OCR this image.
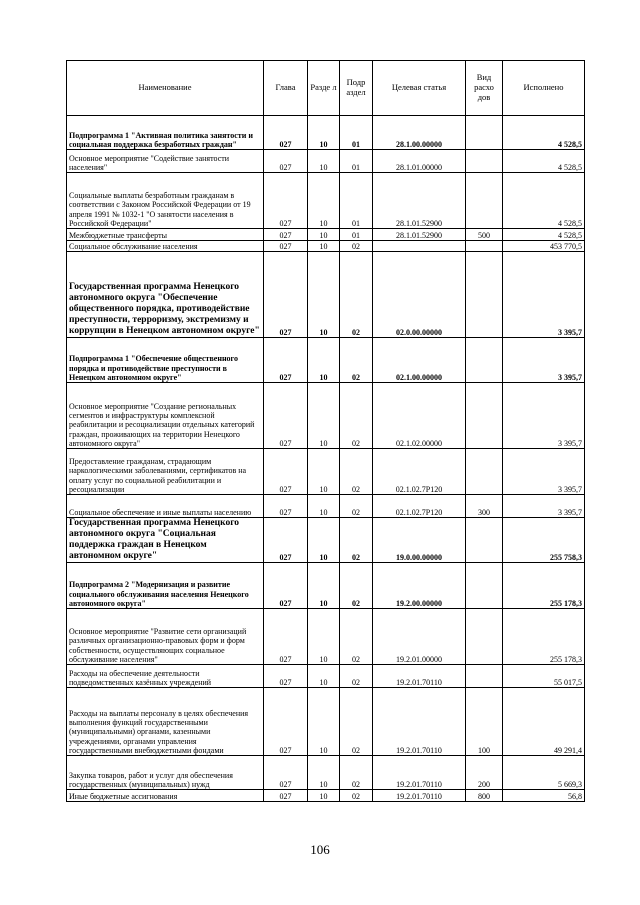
Наименование	Глава	Разде л	Подр аздел	Целевая статья	Вид расхо дов	Исполнено
Подпрограмма 1 "Активная политика занятости и социальная поддержка безработных граждан"	027	10	01	28.1.00.00000		4 528,5
Основное мероприятие "Содействие занятости населения"	027	10	01	28.1.01.00000		4 528,5
Социальные выплаты безработным гражданам в соответствии с Законом Российской Федерации от 19 апреля 1991 № 1032-1 "О занятости населения в Российской Федерации"	027	10	01	28.1.01.52900		4 528,5
Межбюджетные трансферты	027	10	01	28.1.01.52900	500	4 528,5
Социальное обслуживание населения	027	10	02			453 770,5
Государственная программа Ненецкого автономного округа "Обеспечение общественного порядка, противодействие преступности, терроризму, экстремизму и коррупции в Ненецком автономном округе"	027	10	02	02.0.00.00000		3 395,7
Подпрограмма 1 "Обеспечение общественного порядка и противодействие преступности в Ненецком автономном округе"	027	10	02	02.1.00.00000		3 395,7
Основное мероприятие "Создание региональных сегментов и инфраструктуры комплексной реабилитации и ресоциализации отдельных категорий граждан, проживающих на территории Ненецкого автономного округа"	027	10	02	02.1.02.00000		3 395,7
Предоставление гражданам, страдающим наркологическими заболеваниями, сертификатов на оплату услуг по социальной реабилитации и ресоциализации	027	10	02	02.1.02.7Р120		3 395,7
Социальное обеспечение и иные выплаты населению	027	10	02	02.1.02.7Р120	300	3 395,7
Государственная программа Ненецкого автономного округа "Социальная поддержка граждан в Ненецком автономном округе"	027	10	02	19.0.00.00000		255 758,3
Подпрограмма 2 "Модернизация и развитие социального обслуживания населения Ненецкого автономного округа"	027	10	02	19.2.00.00000		255 178,3
Основное мероприятие "Развитие сети организаций различных организационно-правовых форм и форм собственности, осуществляющих социальное обслуживание населения"	027	10	02	19.2.01.00000		255 178,3
Расходы на обеспечение деятельности подведомственных казённых учреждений	027	10	02	19.2.01.70110		55 017,5
Расходы на выплаты персоналу в целях обеспечения выполнения функций государственными (муниципальными) органами, казенными учреждениями, органами управления государственными внебюджетными фондами	027	10	02	19.2.01.70110	100	49 291,4
Закупка товаров, работ и услуг для обеспечения государственных (муниципальных) нужд	027	10	02	19.2.01.70110	200	5 669,3
Иные бюджетные ассигнования	027	10	02	19.2.01.70110	800	56,8
106
